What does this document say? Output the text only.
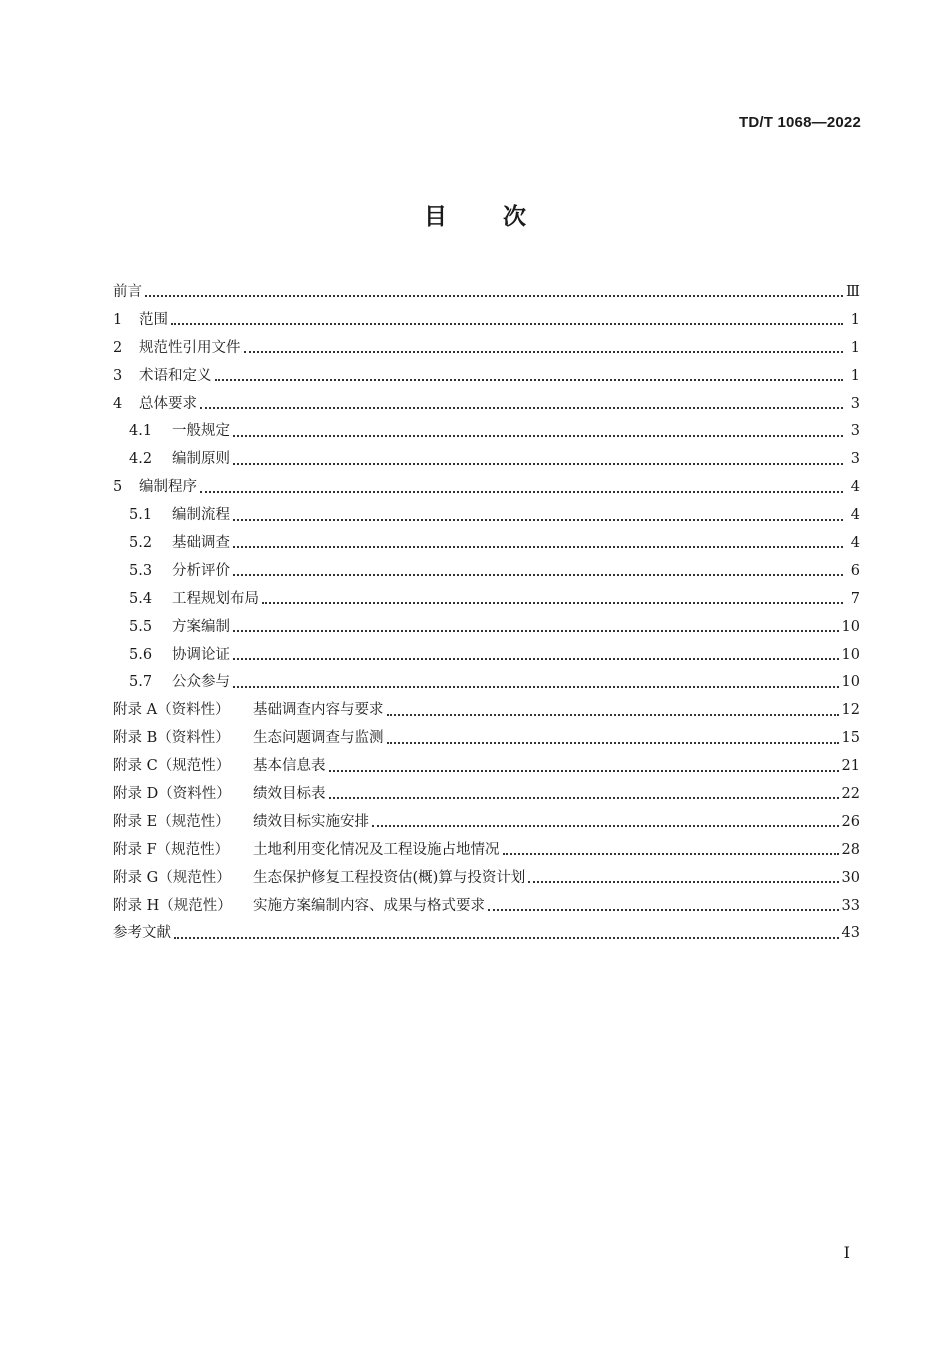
TD/T 1068—2022
目次
前言	Ⅲ
1	范围	1
2	规范性引用文件	1
3	术语和定义	1
4	总体要求	3
4.1	一般规定	3
4.2	编制原则	3
5	编制程序	4
5.1	编制流程	4
5.2	基础调查	4
5.3	分析评价	6
5.4	工程规划布局	7
5.5	方案编制	10
5.6	协调论证	10
5.7	公众参与	10
附录 A（资料性）	基础调查内容与要求	12
附录 B（资料性）	生态问题调查与监测	15
附录 C（规范性）	基本信息表	21
附录 D（资料性）	绩效目标表	22
附录 E（规范性）	绩效目标实施安排	26
附录 F（规范性）	土地利用变化情况及工程设施占地情况	28
附录 G（规范性）	生态保护修复工程投资估(概)算与投资计划	30
附录 H（规范性）	实施方案编制内容、成果与格式要求	33
参考文献	43
I
